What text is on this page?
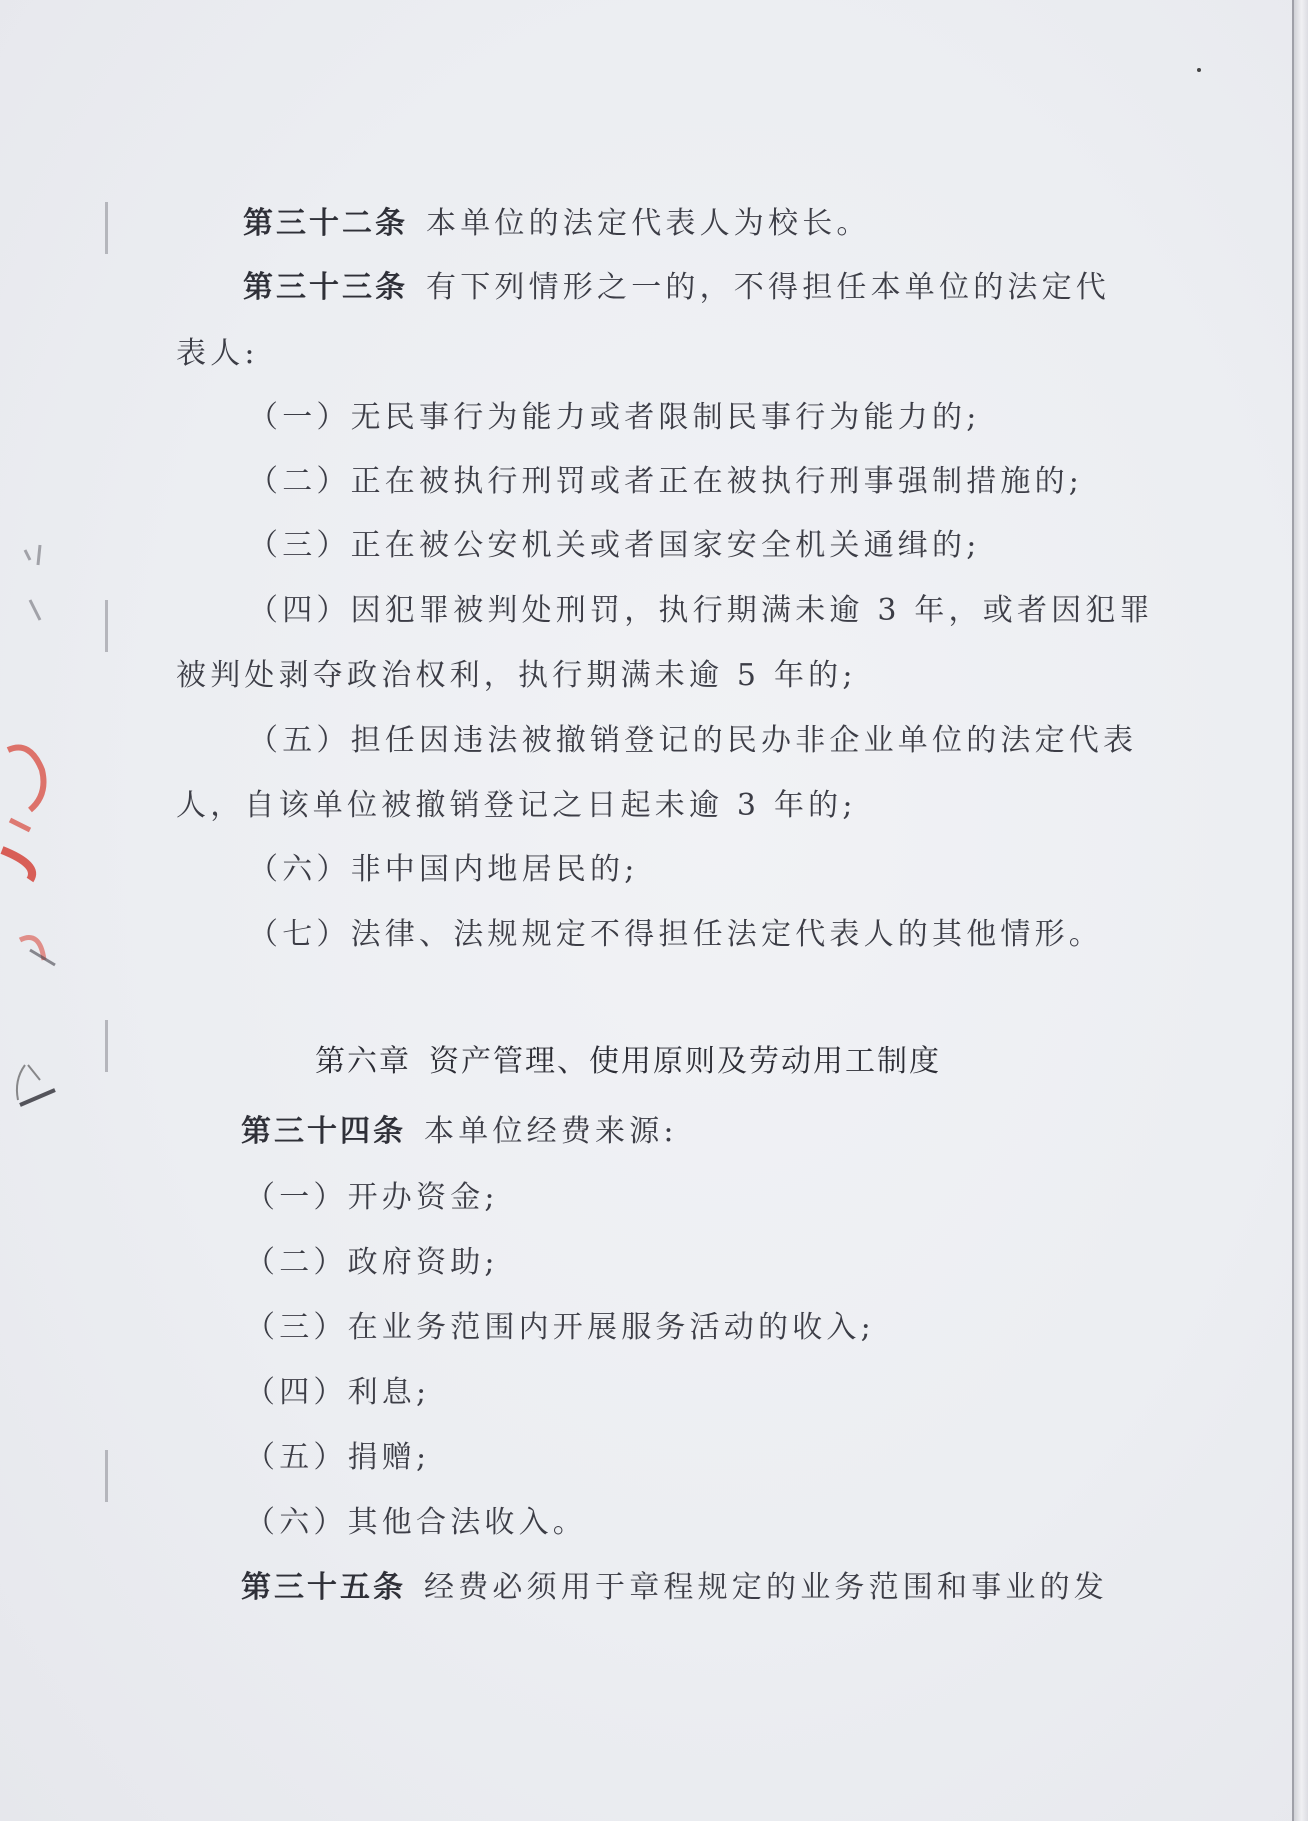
第三十二条 本单位的法定代表人为校长。
第三十三条 有下列情形之一的，不得担任本单位的法定代
表人:
（一）无民事行为能力或者限制民事行为能力的;
（二）正在被执行刑罚或者正在被执行刑事强制措施的;
（三）正在被公安机关或者国家安全机关通缉的;
（四）因犯罪被判处刑罚，执行期满未逾 3 年，或者因犯罪
被判处剥夺政治权利，执行期满未逾 5 年的;
（五）担任因违法被撤销登记的民办非企业单位的法定代表
人，自该单位被撤销登记之日起未逾 3 年的;
（六）非中国内地居民的;
（七）法律、法规规定不得担任法定代表人的其他情形。
第六章 资产管理、使用原则及劳动用工制度
第三十四条 本单位经费来源:
（一）开办资金;
（二）政府资助;
（三）在业务范围内开展服务活动的收入;
（四）利息;
（五）捐赠;
（六）其他合法收入。
第三十五条 经费必须用于章程规定的业务范围和事业的发
